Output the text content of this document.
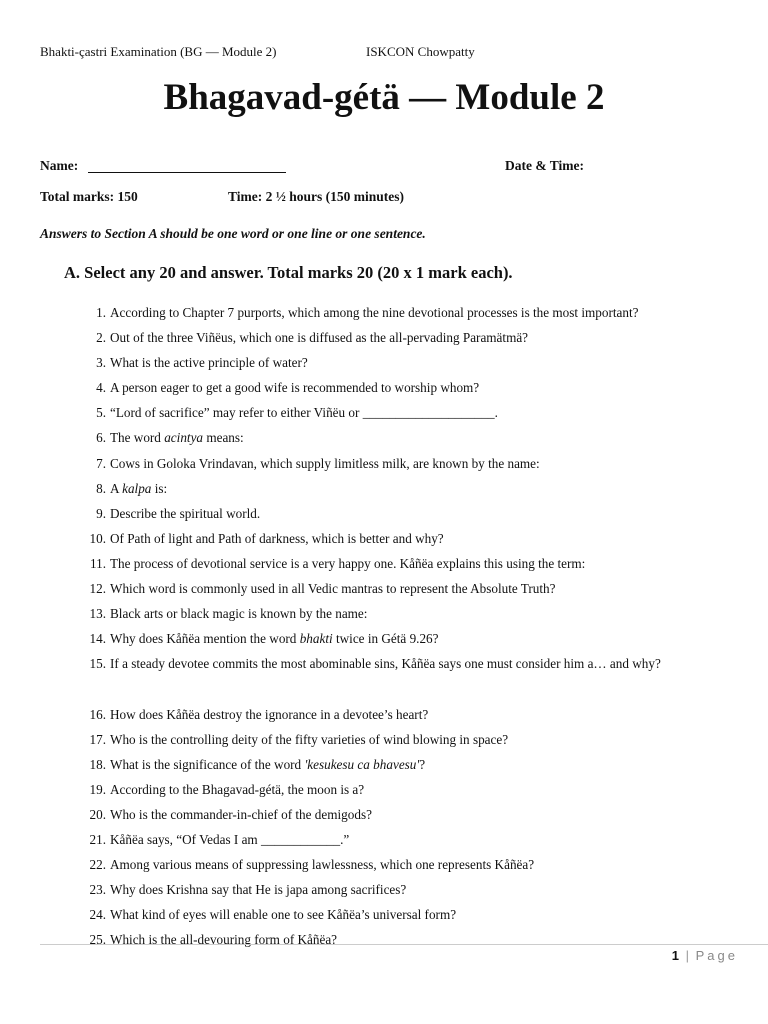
Bhakti-çastri Examination (BG — Module 2)	ISKCON Chowpatty
Bhagavad-gétä — Module 2
Name:	Date & Time:
Total marks: 150	Time: 2 ½ hours (150 minutes)
Answers to Section A should be one word or one line or one sentence.
A. Select any 20 and answer. Total marks 20 (20 x 1 mark each).
1. According to Chapter 7 purports, which among the nine devotional processes is the most important?
2. Out of the three Viñëus, which one is diffused as the all-pervading Paramätmä?
3. What is the active principle of water?
4. A person eager to get a good wife is recommended to worship whom?
5. “Lord of sacrifice” may refer to either Viñëu or ____________________.
6. The word acintya means:
7. Cows in Goloka Vrindavan, which supply limitless milk, are known by the name:
8. A kalpa is:
9. Describe the spiritual world.
10. Of Path of light and Path of darkness, which is better and why?
11. The process of devotional service is a very happy one. Kåñëa explains this using the term:
12. Which word is commonly used in all Vedic mantras to represent the Absolute Truth?
13. Black arts or black magic is known by the name:
14. Why does Kåñëa mention the word bhakti twice in Gétä 9.26?
15. If a steady devotee commits the most abominable sins, Kåñëa says one must consider him a… and why?
16. How does Kåñëa destroy the ignorance in a devotee’s heart?
17. Who is the controlling deity of the fifty varieties of wind blowing in space?
18. What is the significance of the word 'kesukesu ca bhavesu'?
19. According to the Bhagavad-gétä, the moon is a?
20. Who is the commander-in-chief of the demigods?
21. Kåñëa says, “Of Vedas I am ____________.”
22. Among various means of suppressing lawlessness, which one represents Kåñëa?
23. Why does Krishna say that He is japa among sacrifices?
24. What kind of eyes will enable one to see Kåñëa’s universal form?
25. Which is the all-devouring form of Kåñëa?
1 | Page
